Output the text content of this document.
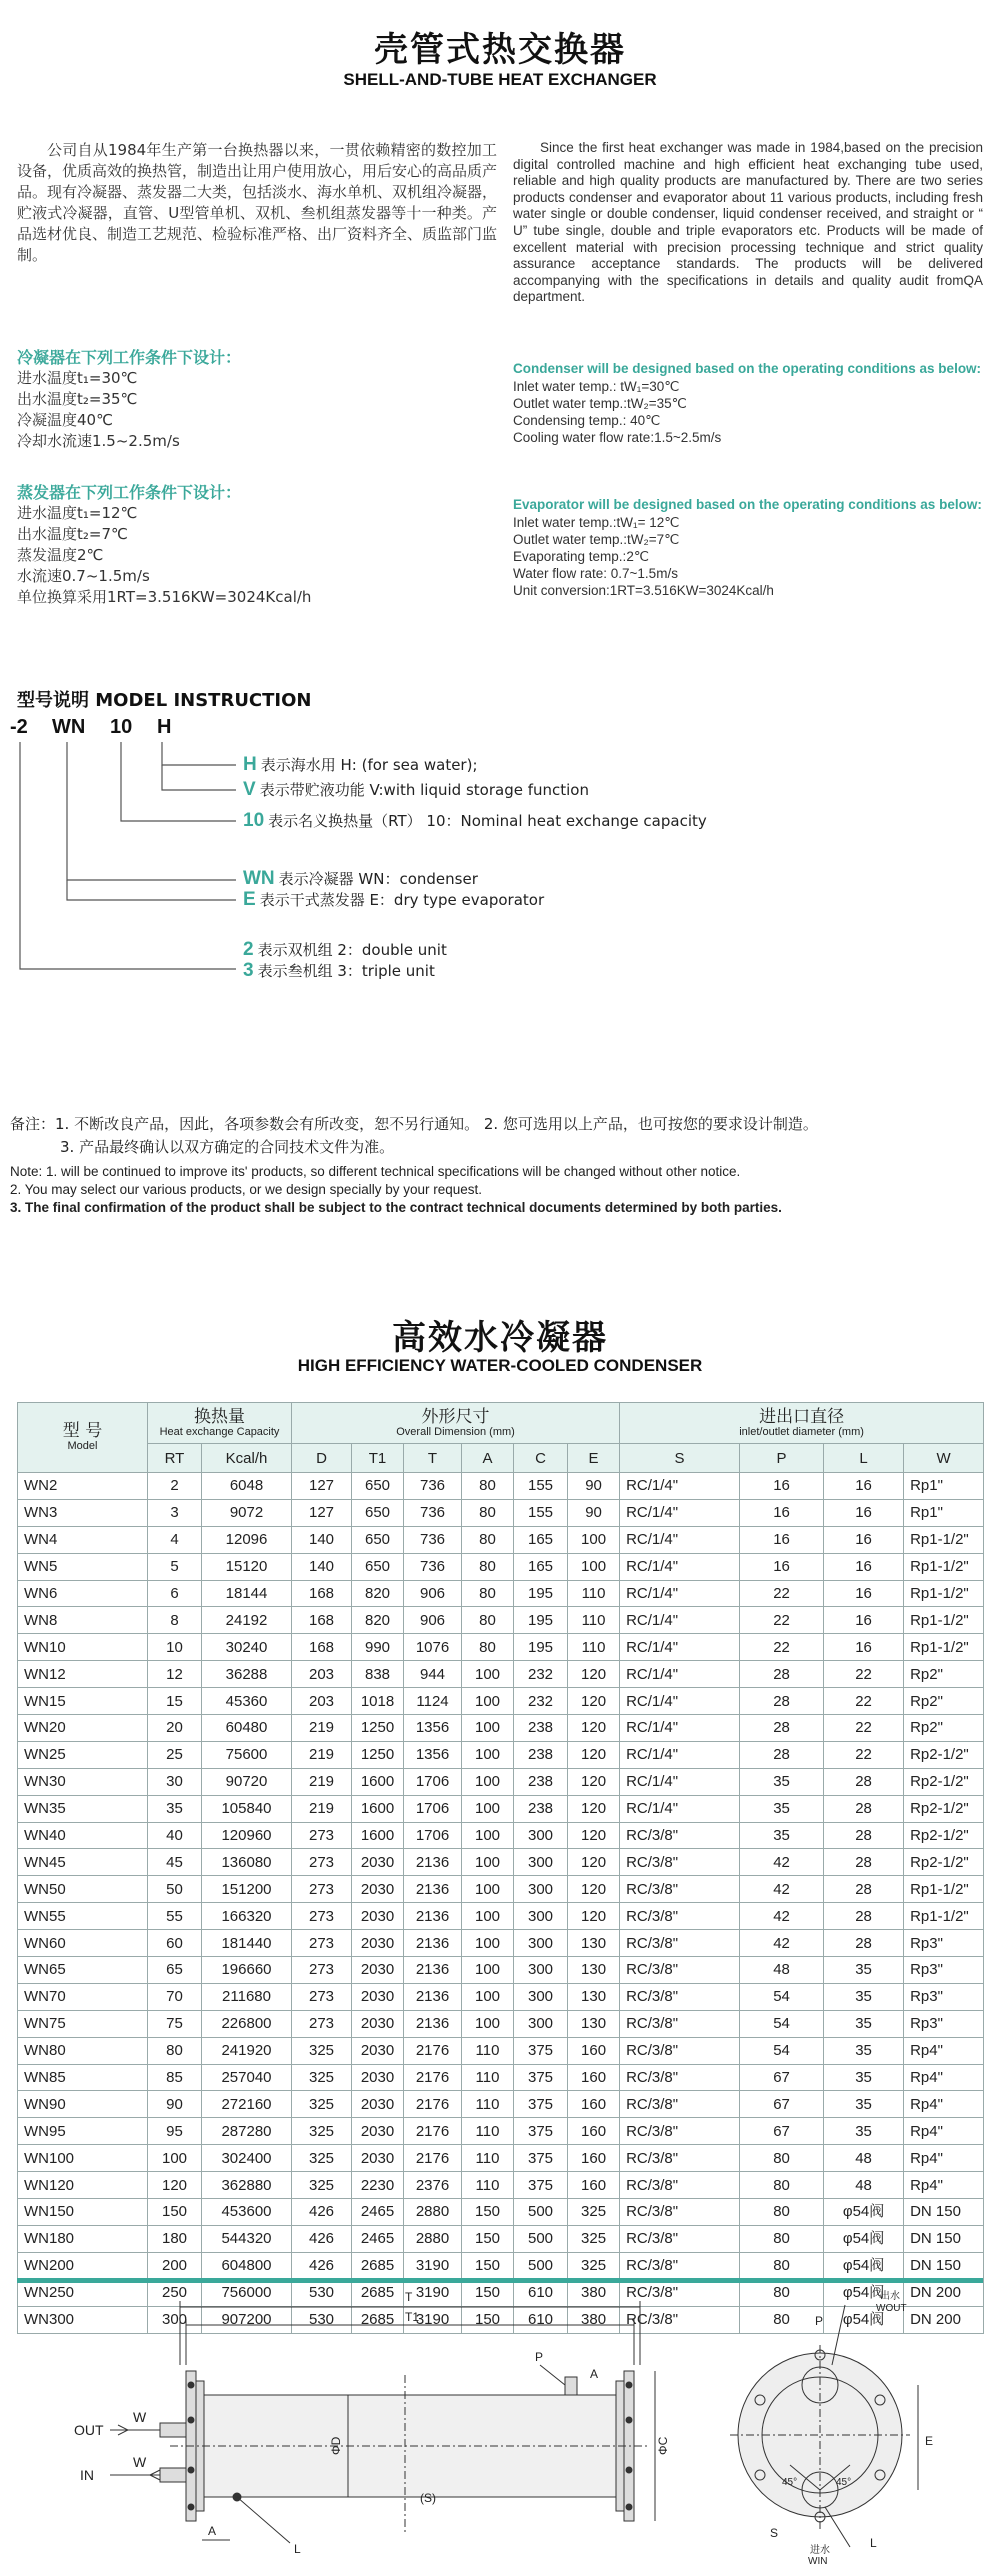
壳管式热交换器
SHELL-AND-TUBE HEAT EXCHANGER
公司自从1984年生产第一台换热器以来，一贯依赖精密的数控加工设备，优质高效的换热管，制造出让用户使用放心，用后安心的高品质产品。现有冷凝器、蒸发器二大类，包括淡水、海水单机、双机组冷凝器，贮液式冷凝器，直管、U型管单机、双机、叁机组蒸发器等十一种类。产品选材优良、制造工艺规范、检验标准严格、出厂资料齐全、质监部门监制。
Since the first heat exchanger was made in 1984,based on the precision digital controlled machine and high efficient heat exchanging tube used, reliable and high quality products are manufactured by. There are two series products condenser and evaporator about 11 various products, including fresh water single or double condenser, liquid condenser received, and straight or “ U” tube single, double and triple evaporators etc. Products will be made of excellent material with precision processing technique and strict quality assurance acceptance standards. The products will be delivered accompanying with the specifications in details and quality audit fromQA department.
冷凝器在下列工作条件下设计：
进水温度t₁=30℃
出水温度t₂=35℃
冷凝温度40℃
冷却水流速1.5~2.5m/s
蒸发器在下列工作条件下设计：
进水温度t₁=12℃
出水温度t₂=7℃
蒸发温度2℃
水流速0.7~1.5m/s
单位换算采用1RT=3.516KW=3024Kcal/h
Condenser will be designed based on the operating conditions as below:
Inlet water temp.: tW₁=30℃
Outlet water temp.:tW₂=35℃
Condensing temp.: 40℃
Cooling water flow rate:1.5~2.5m/s
Evaporator will be designed based on the operating conditions as below:
Inlet water temp.:tW₁= 12℃
Outlet water temp.:tW₂=7℃
Evaporating temp.:2℃
Water flow rate: 0.7~1.5m/s
Unit conversion:1RT=3.516KW=3024Kcal/h
型号说明 MODEL INSTRUCTION
-2 WN 10 H
H 表示海水用 H: (for sea water);
V 表示带贮液功能 V:with liquid storage function
10 表示名义换热量（RT） 10：Nominal heat exchange capacity
WN 表示冷凝器 WN：condenser
E 表示干式蒸发器 E：dry type evaporator
2 表示双机组 2：double unit
3 表示叁机组 3：triple unit
备注：1. 不断改良产品，因此，各项参数会有所改变，恕不另行通知。 2. 您可选用以上产品，也可按您的要求设计制造。
3. 产品最终确认以双方确定的合同技术文件为准。
Note: 1. will be continued to improve its' products, so different technical specifications will be changed without other notice.
2. You may select our various products, or we design specially by your request.
3. The final confirmation of the product shall be subject to the contract technical documents determined by both parties.
高效水冷凝器
HIGH EFFICIENCY WATER-COOLED CONDENSER
型 号
Model	换热量
Heat exchange Capacity		外形尺寸
Overall Dimension (mm)						进出口直径
inlet/outlet diameter (mm)			

	RT	Kcal/h	D	T1	T	A	C	E	S	P	L	W
WN2	2	6048	127	650	736	80	155	90	RC/1/4"	16	16	Rp1"
WN3	3	9072	127	650	736	80	155	90	RC/1/4"	16	16	Rp1"
WN4	4	12096	140	650	736	80	165	100	RC/1/4"	16	16	Rp1-1/2"
WN5	5	15120	140	650	736	80	165	100	RC/1/4"	16	16	Rp1-1/2"
WN6	6	18144	168	820	906	80	195	110	RC/1/4"	22	16	Rp1-1/2"
WN8	8	24192	168	820	906	80	195	110	RC/1/4"	22	16	Rp1-1/2"
WN10	10	30240	168	990	1076	80	195	110	RC/1/4"	22	16	Rp1-1/2"
WN12	12	36288	203	838	944	100	232	120	RC/1/4"	28	22	Rp2"
WN15	15	45360	203	1018	1124	100	232	120	RC/1/4"	28	22	Rp2"
WN20	20	60480	219	1250	1356	100	238	120	RC/1/4"	28	22	Rp2"
WN25	25	75600	219	1250	1356	100	238	120	RC/1/4"	28	22	Rp2-1/2"
WN30	30	90720	219	1600	1706	100	238	120	RC/1/4"	35	28	Rp2-1/2"
WN35	35	105840	219	1600	1706	100	238	120	RC/1/4"	35	28	Rp2-1/2"
WN40	40	120960	273	1600	1706	100	300	120	RC/3/8"	35	28	Rp2-1/2"
WN45	45	136080	273	2030	2136	100	300	120	RC/3/8"	42	28	Rp2-1/2"
WN50	50	151200	273	2030	2136	100	300	120	RC/3/8"	42	28	Rp1-1/2"
WN55	55	166320	273	2030	2136	100	300	120	RC/3/8"	42	28	Rp1-1/2"
WN60	60	181440	273	2030	2136	100	300	130	RC/3/8"	42	28	Rp3"
WN65	65	196660	273	2030	2136	100	300	130	RC/3/8"	48	35	Rp3"
WN70	70	211680	273	2030	2136	100	300	130	RC/3/8"	54	35	Rp3"
WN75	75	226800	273	2030	2136	100	300	130	RC/3/8"	54	35	Rp3"
WN80	80	241920	325	2030	2176	110	375	160	RC/3/8"	54	35	Rp4"
WN85	85	257040	325	2030	2176	110	375	160	RC/3/8"	67	35	Rp4"
WN90	90	272160	325	2030	2176	110	375	160	RC/3/8"	67	35	Rp4"
WN95	95	287280	325	2030	2176	110	375	160	RC/3/8"	67	35	Rp4"
WN100	100	302400	325	2030	2176	110	375	160	RC/3/8"	80	48	Rp4"
WN120	120	362880	325	2230	2376	110	375	160	RC/3/8"	80	48	Rp4"
WN150	150	453600	426	2465	2880	150	500	325	RC/3/8"	80	φ54阀	DN 150
WN180	180	544320	426	2465	2880	150	500	325	RC/3/8"	80	φ54阀	DN 150
WN200	200	604800	426	2685	3190	150	500	325	RC/3/8"	80	φ54阀	DN 150
WN250	250	756000	530	2685	3190	150	610	380	RC/3/8"	80	φ54阀	DN 200
WN300	300	907200	530	2685	3190	150	610	380	RC/3/8"	80	φ54阀	DN 200
T
T1
P
A
ΦD	ΦC
(S)
A
L
OUT
IN
W
W
P
出水
WOUT
E
45°	45°
S
L
进水
WIN
